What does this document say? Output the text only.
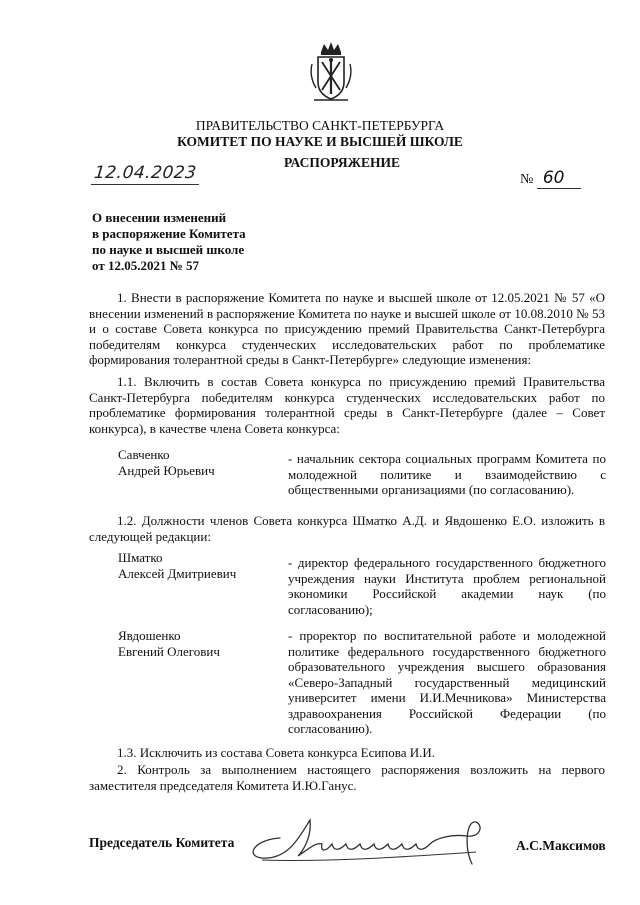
ПРАВИТЕЛЬСТВО САНКТ-ПЕТЕРБУРГА
КОМИТЕТ ПО НАУКЕ И ВЫСШЕЙ ШКОЛЕ
РАСПОРЯЖЕНИЕ
12.04.2023	№ 60
О внесении изменений
в распоряжение Комитета
по науке и высшей школе
от 12.05.2021 № 57
1. Внести в распоряжение Комитета по науке и высшей школе от 12.05.2021 № 57 «О внесении изменений в распоряжение Комитета по науке и высшей школе от 10.08.2010 № 53 и о составе Совета конкурса по присуждению премий Правительства Санкт-Петербурга победителям конкурса студенческих исследовательских работ по проблематике формирования толерантной среды в Санкт-Петербурге» следующие изменения:
1.1. Включить в состав Совета конкурса по присуждению премий Правительства Санкт-Петербурга победителям конкурса студенческих исследовательских работ по проблематике формирования толерантной среды в Санкт-Петербурге (далее – Совет конкурса), в качестве члена Совета конкурса:
Савченко
Андрей Юрьевич
- начальник сектора социальных программ Комитета по молодежной политике и взаимодействию с общественными организациями (по согласованию).
1.2. Должности членов Совета конкурса Шматко А.Д. и Явдошенко Е.О. изложить в следующей редакции:
Шматко
Алексей Дмитриевич
- директор федерального государственного бюджетного учреждения науки Института проблем региональной экономики Российской академии наук (по согласованию);
Явдошенко
Евгений Олегович
- проректор по воспитательной работе и молодежной политике федерального государственного бюджетного образовательного учреждения высшего образования «Северо-Западный государственный медицинский университет имени И.И.Мечникова» Министерства здравоохранения Российской Федерации (по согласованию).
1.3. Исключить из состава Совета конкурса Есипова И.И.
2. Контроль за выполнением настоящего распоряжения возложить на первого заместителя председателя Комитета И.Ю.Ганус.
Председатель Комитета	А.С.Максимов
